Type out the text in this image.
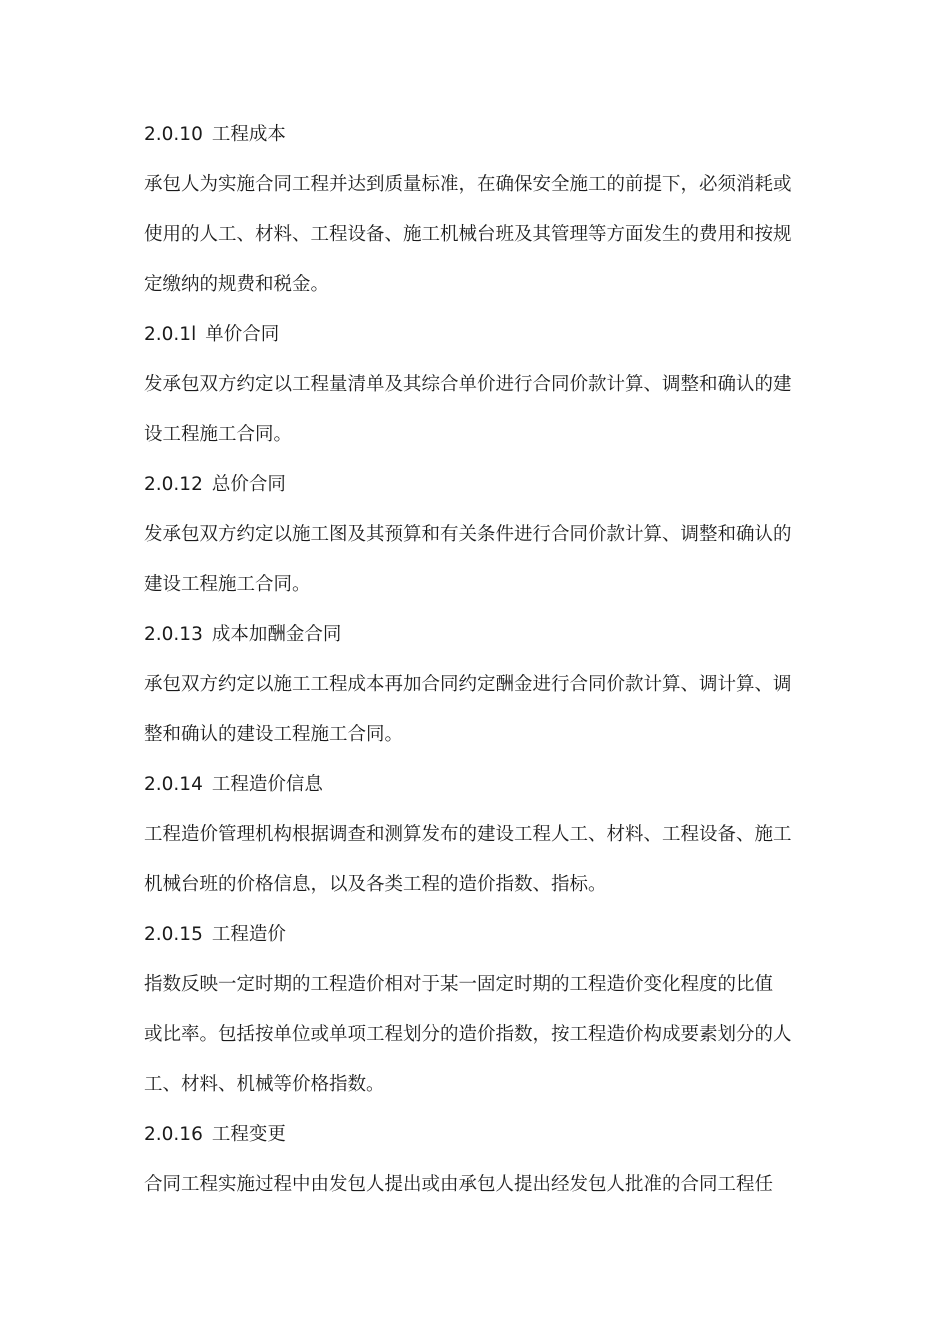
2.0.10 工程成本
承包人为实施合同工程并达到质量标准，在确保安全施工的前提下，必须消耗或
使用的人工、材料、工程设备、施工机械台班及其管理等方面发生的费用和按规
定缴纳的规费和税金。
2.0.1l 单价合同
发承包双方约定以工程量清单及其综合单价进行合同价款计算、调整和确认的建
设工程施工合同。
2.0.12 总价合同
发承包双方约定以施工图及其预算和有关条件进行合同价款计算、调整和确认的
建设工程施工合同。
2.0.13 成本加酬金合同
承包双方约定以施工工程成本再加合同约定酬金进行合同价款计算、调计算、调
整和确认的建设工程施工合同。
2.0.14 工程造价信息
工程造价管理机构根据调查和测算发布的建设工程人工、材料、工程设备、施工
机械台班的价格信息，以及各类工程的造价指数、指标。
2.0.15 工程造价
指数反映一定时期的工程造价相对于某一固定时期的工程造价变化程度的比值
或比率。包括按单位或单项工程划分的造价指数，按工程造价构成要素划分的人
工、材料、机械等价格指数。
2.0.16 工程变更
合同工程实施过程中由发包人提出或由承包人提出经发包人批准的合同工程任
